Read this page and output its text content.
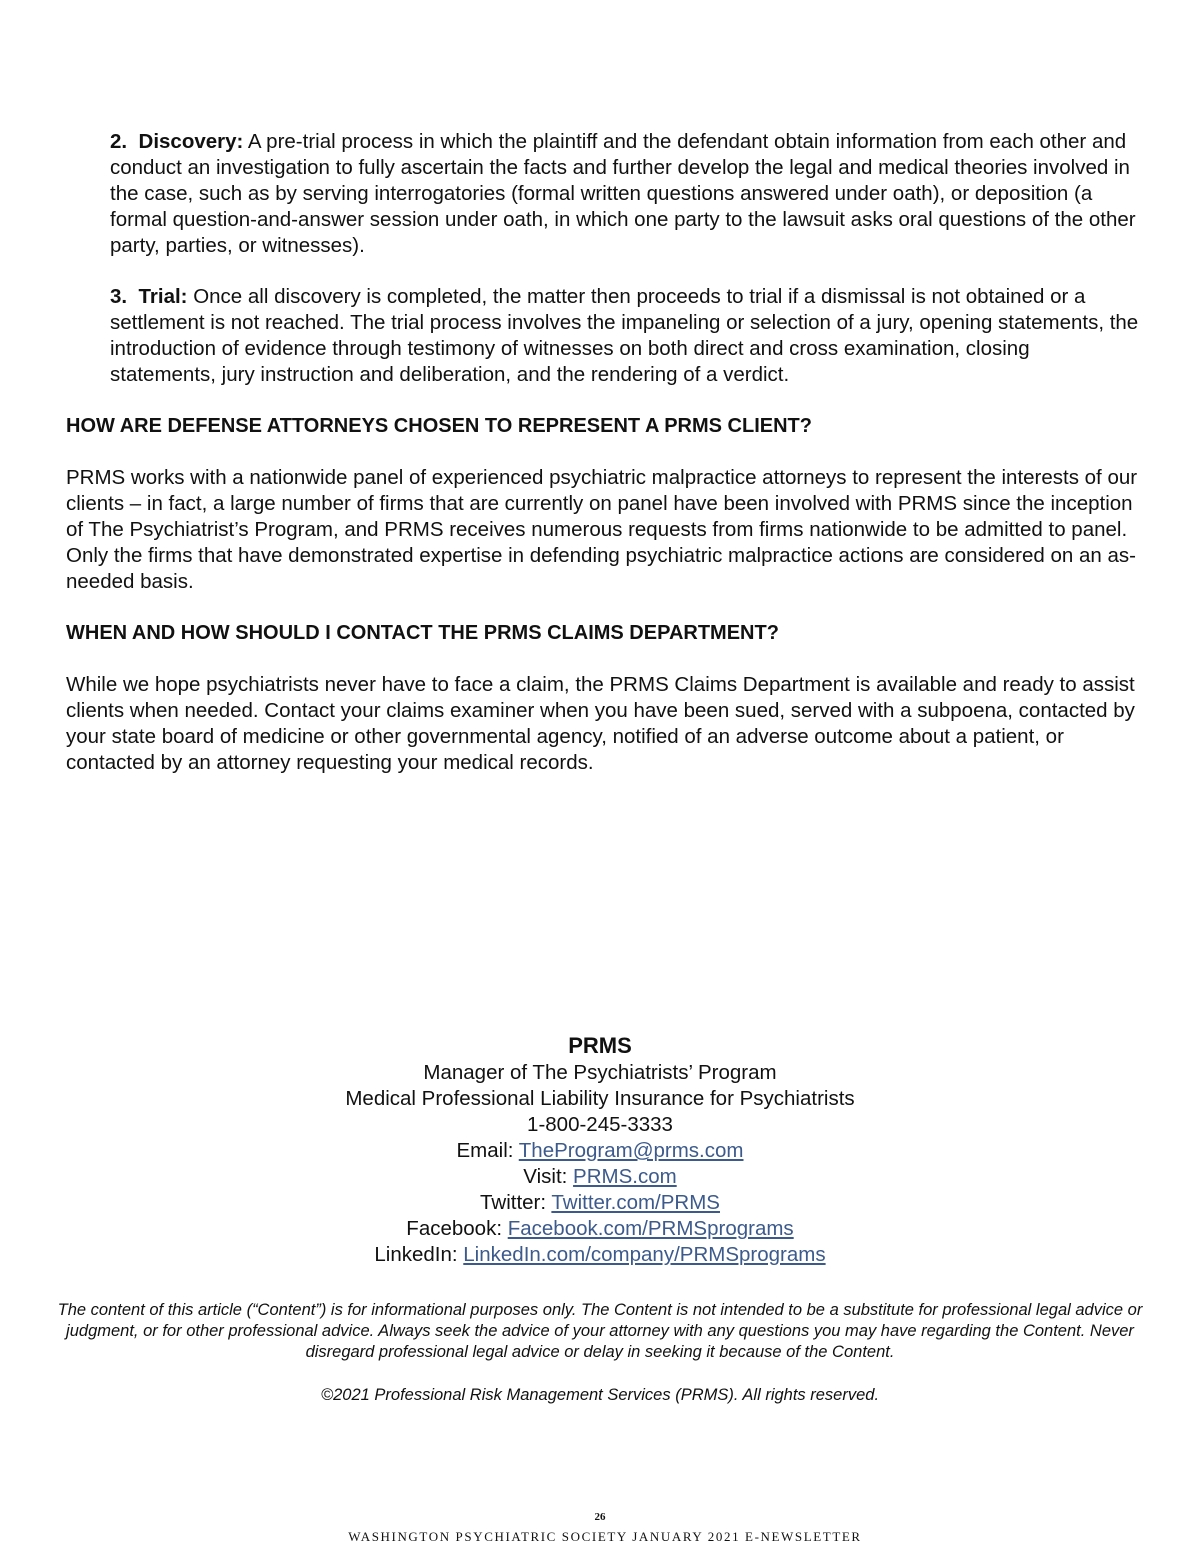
2. Discovery: A pre-trial process in which the plaintiff and the defendant obtain information from each other and conduct an investigation to fully ascertain the facts and further develop the legal and medical theories involved in the case, such as by serving interrogatories (formal written questions answered under oath), or deposition (a formal question-and-answer session under oath, in which one party to the lawsuit asks oral questions of the other party, parties, or witnesses).
3. Trial: Once all discovery is completed, the matter then proceeds to trial if a dismissal is not obtained or a settlement is not reached. The trial process involves the impaneling or selection of a jury, opening statements, the introduction of evidence through testimony of witnesses on both direct and cross examination, closing statements, jury instruction and deliberation, and the rendering of a verdict.
HOW ARE DEFENSE ATTORNEYS CHOSEN TO REPRESENT A PRMS CLIENT?
PRMS works with a nationwide panel of experienced psychiatric malpractice attorneys to represent the interests of our clients – in fact, a large number of firms that are currently on panel have been involved with PRMS since the inception of The Psychiatrist’s Program, and PRMS receives numerous requests from firms nationwide to be admitted to panel. Only the firms that have demonstrated expertise in defending psychiatric malpractice actions are considered on an as-needed basis.
WHEN AND HOW SHOULD I CONTACT THE PRMS CLAIMS DEPARTMENT?
While we hope psychiatrists never have to face a claim, the PRMS Claims Department is available and ready to assist clients when needed. Contact your claims examiner when you have been sued, served with a subpoena, contacted by your state board of medicine or other governmental agency, notified of an adverse outcome about a patient, or contacted by an attorney requesting your medical records.
PRMS
Manager of The Psychiatrists’ Program
Medical Professional Liability Insurance for Psychiatrists
1-800-245-3333
Email: TheProgram@prms.com
Visit: PRMS.com
Twitter: Twitter.com/PRMS
Facebook: Facebook.com/PRMSprograms
LinkedIn: LinkedIn.com/company/PRMSprograms
The content of this article (“Content”) is for informational purposes only. The Content is not intended to be a substitute for professional legal advice or judgment, or for other professional advice. Always seek the advice of your attorney with any questions you may have regarding the Content. Never disregard professional legal advice or delay in seeking it because of the Content.
©2021 Professional Risk Management Services (PRMS). All rights reserved.
26
WASHINGTON PSYCHIATRIC SOCIETY JANUARY 2021 E-NEWSLETTER
